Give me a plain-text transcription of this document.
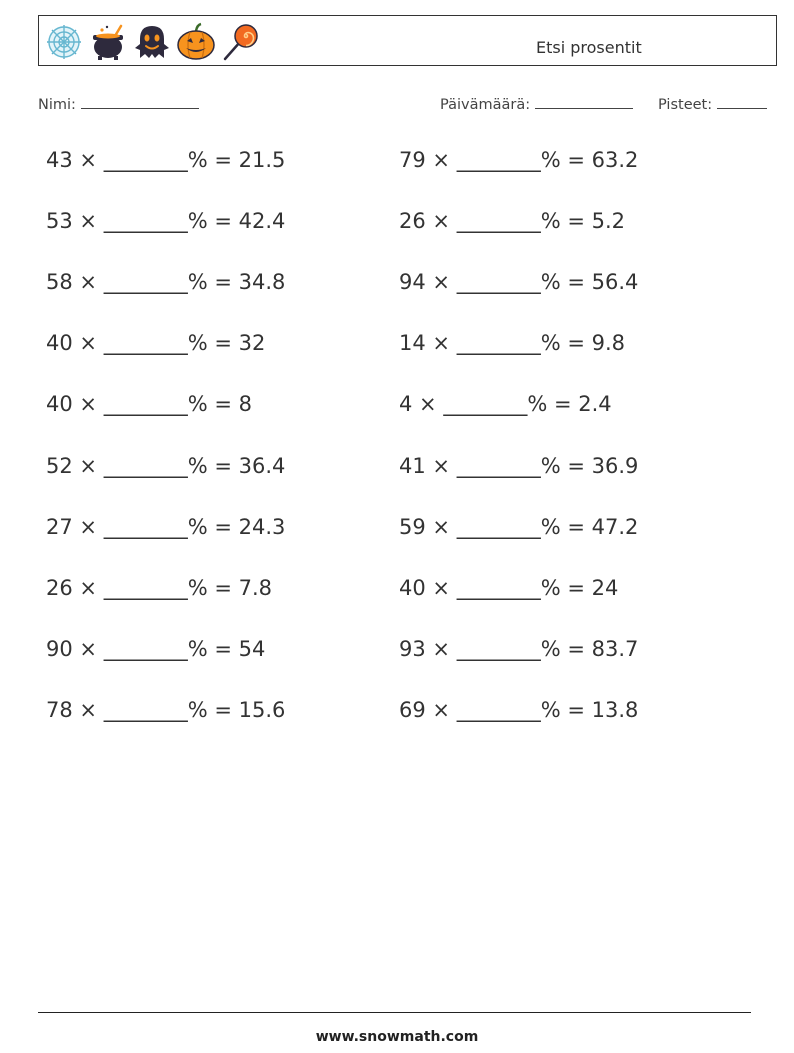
Etsi prosentit
Nimi:	Päivämäärä:	Pisteet:
43 × ________% = 21.5
53 × ________% = 42.4
58 × ________% = 34.8
40 × ________% = 32
40 × ________% = 8
52 × ________% = 36.4
27 × ________% = 24.3
26 × ________% = 7.8
90 × ________% = 54
78 × ________% = 15.6
79 × ________% = 63.2
26 × ________% = 5.2
94 × ________% = 56.4
14 × ________% = 9.8
4 × ________% = 2.4
41 × ________% = 36.9
59 × ________% = 47.2
40 × ________% = 24
93 × ________% = 83.7
69 × ________% = 13.8
www.snowmath.com
